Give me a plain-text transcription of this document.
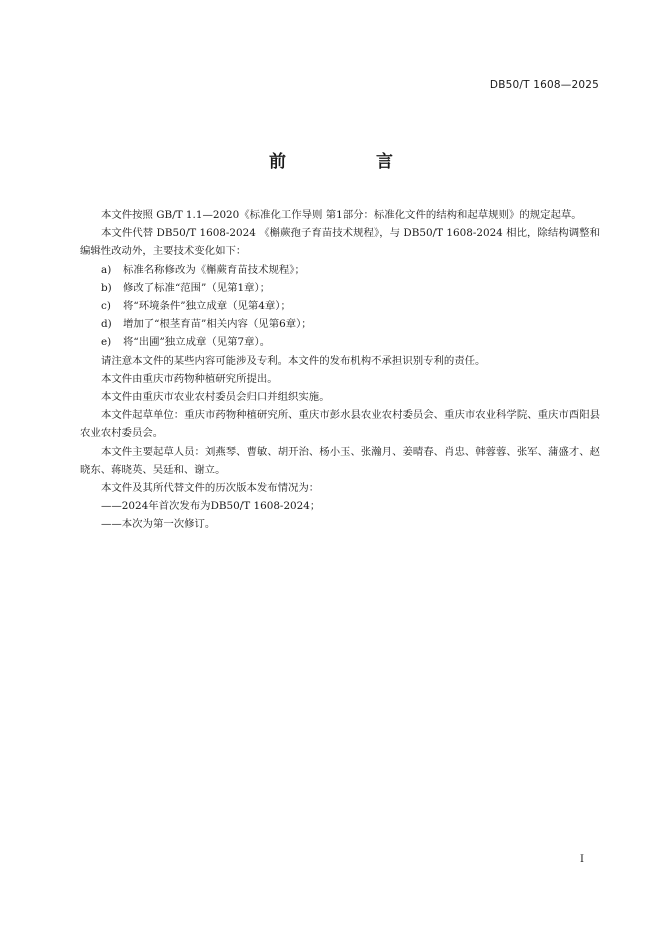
DB50/T 1608—2025
前 言

本文件按照 GB/T 1.1—2020《标准化工作导则 第1部分：标准化文件的结构和起草规则》的规定起草。

本文件代替 DB50/T 1608-2024 《槲蕨孢子育苗技术规程》，与 DB50/T 1608-2024 相比，除结构调整和编辑性改动外，主要技术变化如下：

a)	标准名称修改为《槲蕨育苗技术规程》；
b)	修改了标准“范围”（见第1章）；
c)	将“环境条件”独立成章（见第4章）；
d)	增加了“根茎育苗”相关内容（见第6章）；
e)	将“出圃”独立成章（见第7章）。

请注意本文件的某些内容可能涉及专利。本文件的发布机构不承担识别专利的责任。

本文件由重庆市药物种植研究所提出。

本文件由重庆市农业农村委员会归口并组织实施。

本文件起草单位：重庆市药物种植研究所、重庆市彭水县农业农村委员会、重庆市农业科学院、重庆市酉阳县农业农村委员会。

本文件主要起草人员：刘燕琴、曹敏、胡开治、杨小玉、张瀚月、姜晴春、肖忠、韩蓉蓉、张军、蒲盛才、赵晓东、蒋晓英、吴廷和、谢立。

本文件及其所代替文件的历次版本发布情况为：

——2024年首次发布为DB50/T 1608-2024；

——本次为第一次修订。

I
